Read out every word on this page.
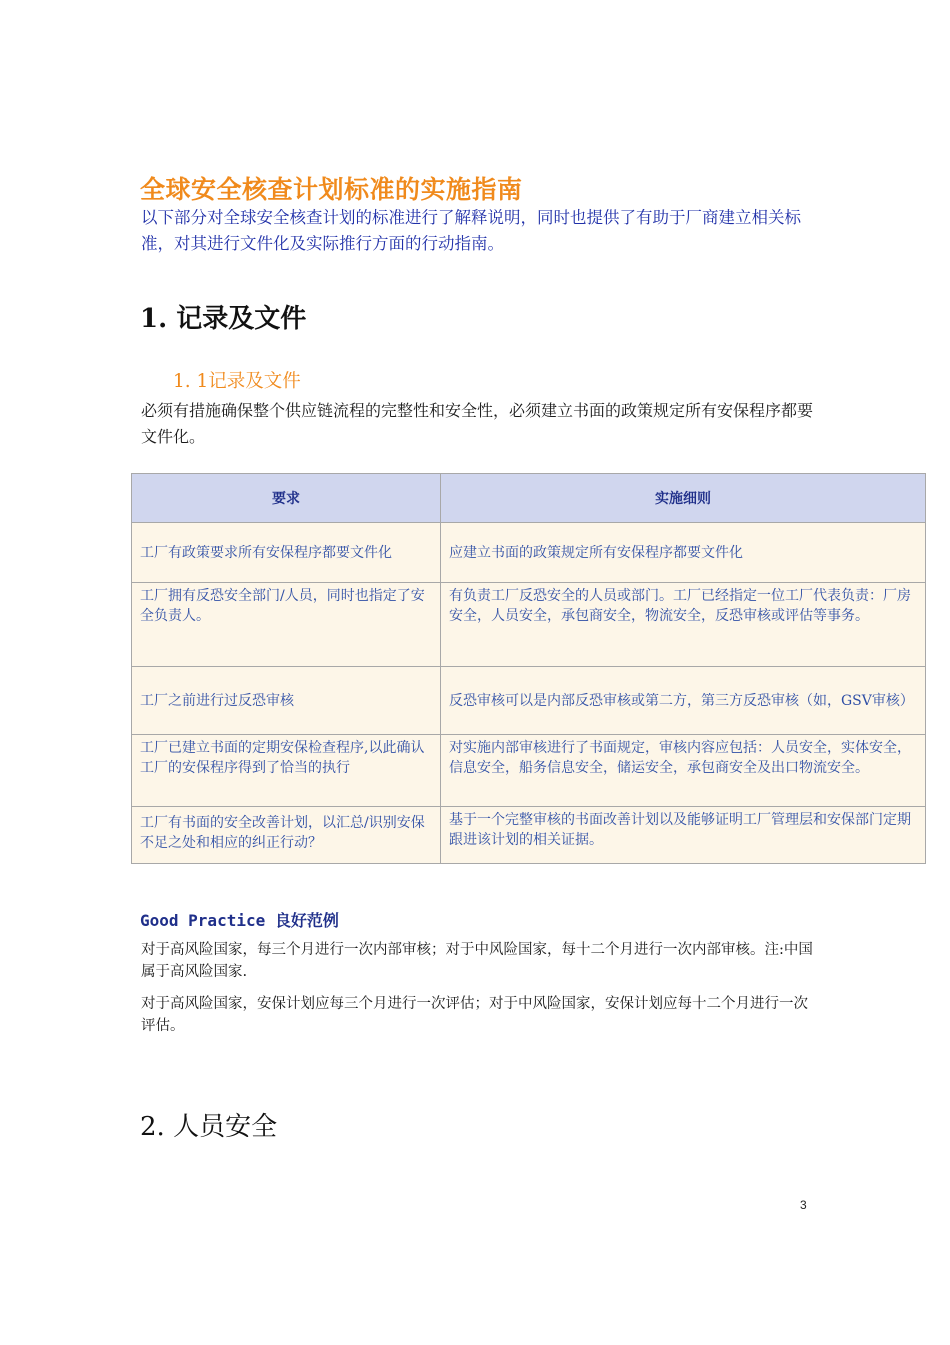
全球安全核查计划标准的实施指南
以下部分对全球安全核查计划的标准进行了解释说明，同时也提供了有助于厂商建立相关标准，对其进行文件化及实际推行方面的行动指南。
1. 记录及文件
1. 1记录及文件
必须有措施确保整个供应链流程的完整性和安全性，必须建立书面的政策规定所有安保程序都要文件化。
要求	实施细则
工厂有政策要求所有安保程序都要文件化	应建立书面的政策规定所有安保程序都要文件化
工厂拥有反恐安全部门/人员，同时也指定了安全负责人。	有负责工厂反恐安全的人员或部门。工厂已经指定一位工厂代表负责：厂房安全，人员安全，承包商安全，物流安全，反恐审核或评估等事务。
工厂之前进行过反恐审核	反恐审核可以是内部反恐审核或第二方，第三方反恐审核（如，GSV审核）
工厂已建立书面的定期安保检查程序,以此确认工厂的安保程序得到了恰当的执行	对实施内部审核进行了书面规定，审核内容应包括：人员安全，实体安全，信息安全，船务信息安全，储运安全，承包商安全及出口物流安全。
工厂有书面的安全改善计划，以汇总/识别安保不足之处和相应的纠正行动？	基于一个完整审核的书面改善计划以及能够证明工厂管理层和安保部门定期跟进该计划的相关证据。
Good Practice 良好范例
对于高风险国家，每三个月进行一次内部审核；对于中风险国家，每十二个月进行一次内部审核。注:中国属于高风险国家.
对于高风险国家，安保计划应每三个月进行一次评估；对于中风险国家，安保计划应每十二个月进行一次评估。
2. 人员安全
3
